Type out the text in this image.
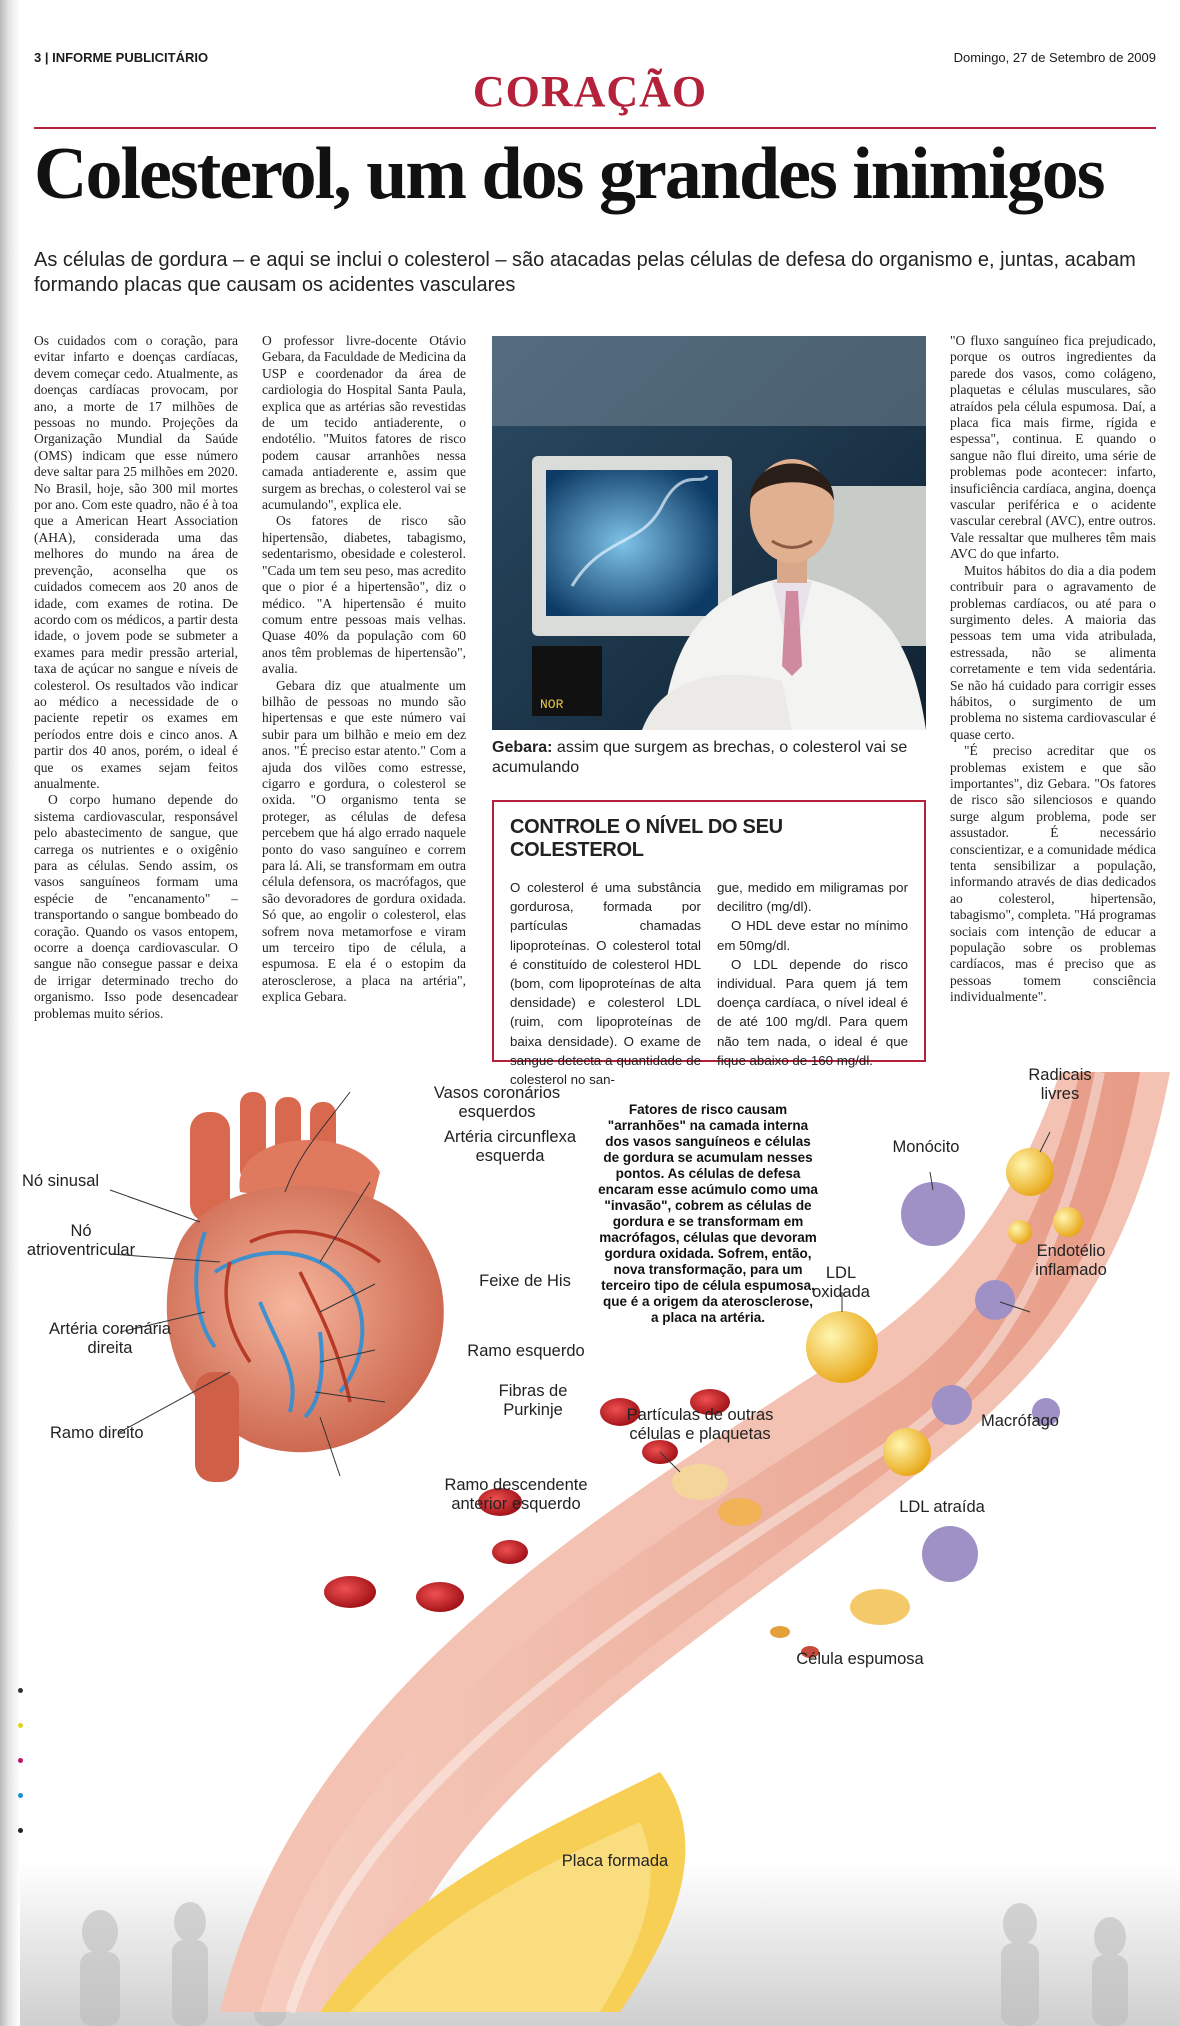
3 | INFORME PUBLICITÁRIO	Domingo, 27 de Setembro de 2009
CORAÇÃO
Colesterol, um dos grandes inimigos
As células de gordura – e aqui se inclui o colesterol – são atacadas pelas células de defesa do organismo e, juntas, acabam formando placas que causam os acidentes vasculares

Os cuidados com o coração, para evitar infarto e doenças cardíacas, devem começar cedo. Atualmente, as doenças cardíacas provocam, por ano, a morte de 17 milhões de pessoas no mundo. Projeções da Organização Mundial da Saúde (OMS) indicam que esse número deve saltar para 25 milhões em 2020. No Brasil, hoje, são 300 mil mortes por ano. Com este quadro, não é à toa que a American Heart Association (AHA), considerada uma das melhores do mundo na área de prevenção, aconselha que os cuidados comecem aos 20 anos de idade, com exames de rotina. De acordo com os médicos, a partir desta idade, o jovem pode se submeter a exames para medir pressão arterial, taxa de açúcar no sangue e níveis de colesterol. Os resultados vão indicar ao médico a necessidade de o paciente repetir os exames em períodos entre dois e cinco anos. A partir dos 40 anos, porém, o ideal é que os exames sejam feitos anualmente.

O corpo humano depende do sistema cardiovascular, responsável pelo abastecimento de sangue, que carrega os nutrientes e o oxigênio para as células. Sendo assim, os vasos sanguíneos formam uma espécie de "encanamento" – transportando o sangue bombeado do coração. Quando os vasos entopem, ocorre a doença cardiovascular. O sangue não consegue passar e deixa de irrigar determinado trecho do organismo. Isso pode desencadear problemas muito sérios.

O professor livre-docente Otávio Gebara, da Faculdade de Medicina da USP e coordenador da área de cardiologia do Hospital Santa Paula, explica que as artérias são revestidas de um tecido antiaderente, o endotélio. "Muitos fatores de risco podem causar arranhões nessa camada antiaderente e, assim que surgem as brechas, o colesterol vai se acumulando", explica ele.

Os fatores de risco são hipertensão, diabetes, tabagismo, sedentarismo, obesidade e colesterol. "Cada um tem seu peso, mas acredito que o pior é a hipertensão", diz o médico. "A hipertensão é muito comum entre pessoas mais velhas. Quase 40% da população com 60 anos têm problemas de hipertensão", avalia.

Gebara diz que atualmente um bilhão de pessoas no mundo são hipertensas e que este número vai subir para um bilhão e meio em dez anos. "É preciso estar atento." Com a ajuda dos vilões como estresse, cigarro e gordura, o colesterol se oxida. "O organismo tenta se proteger, as células de defesa percebem que há algo errado naquele ponto do vaso sanguíneo e correm para lá. Ali, se transformam em outra célula defensora, os macrófagos, que são devoradores de gordura oxidada. Só que, ao engolir o colesterol, elas sofrem nova metamorfose e viram um terceiro tipo de célula, a espumosa. E ela é o estopim da aterosclerose, a placa na artéria", explica Gebara.

NOR
Gebara: assim que surgem as brechas, o colesterol vai se acumulando
CONTROLE O NÍVEL DO SEU COLESTEROL

O colesterol é uma substância gordurosa, formada por partículas chamadas lipoproteínas. O colesterol total é constituído de colesterol HDL (bom, com lipoproteínas de alta densidade) e colesterol LDL (ruim, com lipoproteínas de baixa densidade). O exame de sangue detecta a quantidade de colesterol no san-

gue, medido em miligramas por decilitro (mg/dl).

O HDL deve estar no mínimo em 50mg/dl.

O LDL depende do risco individual. Para quem já tem doença cardíaca, o nível ideal é de até 100 mg/dl. Para quem não tem nada, o ideal é que fique abaixo de 160 mg/dl.

"O fluxo sanguíneo fica prejudicado, porque os outros ingredientes da parede dos vasos, como colágeno, plaquetas e células musculares, são atraídos pela célula espumosa. Daí, a placa fica mais firme, rígida e espessa", continua. E quando o sangue não flui direito, uma série de problemas pode acontecer: infarto, insuficiência cardíaca, angina, doença vascular periférica e o acidente vascular cerebral (AVC), entre outros. Vale ressaltar que mulheres têm mais AVC do que infarto.

Muitos hábitos do dia a dia podem contribuir para o agravamento de problemas cardíacos, ou até para o surgimento deles. A maioria das pessoas tem uma vida atribulada, estressada, não se alimenta corretamente e tem vida sedentária. Se não há cuidado para corrigir esses hábitos, o surgimento de um problema no sistema cardiovascular é quase certo.

"É preciso acreditar que os problemas existem e que são importantes", diz Gebara. "Os fatores de risco são silenciosos e quando surge algum problema, pode ser assustador. É necessário conscientizar, e a comunidade médica tenta sensibilizar a população, informando através de dias dedicados ao colesterol, hipertensão, tabagismo", completa. "Há programas sociais com intenção de educar a população sobre os problemas cardíacos, mas é preciso que as pessoas tomem consciência individualmente".

Vasos coronários esquerdos
Artéria circunflexa esquerda
Nó sinusal
Nó atrioventricular
Feixe de His
Artéria coronária direita	Ramo esquerdo
Fibras de Purkinje
Ramo direito
Ramo descendente anterior esquerdo
Fatores de risco causam "arranhões" na camada interna dos vasos sanguíneos e células de gordura se acumulam nesses pontos. As células de defesa encaram esse acúmulo como uma "invasão", cobrem as células de gordura e se transformam em macrófagos, células que devoram gordura oxidada. Sofrem, então, nova transformação, para um terceiro tipo de célula espumosa, que é a origem da aterosclerose, a placa na artéria.
Radicais livres
Monócito
Endotélio inflamado
LDL oxidada
Macrófago
Partículas de outras células e plaquetas
LDL atraída
Célula espumosa
Placa formada
